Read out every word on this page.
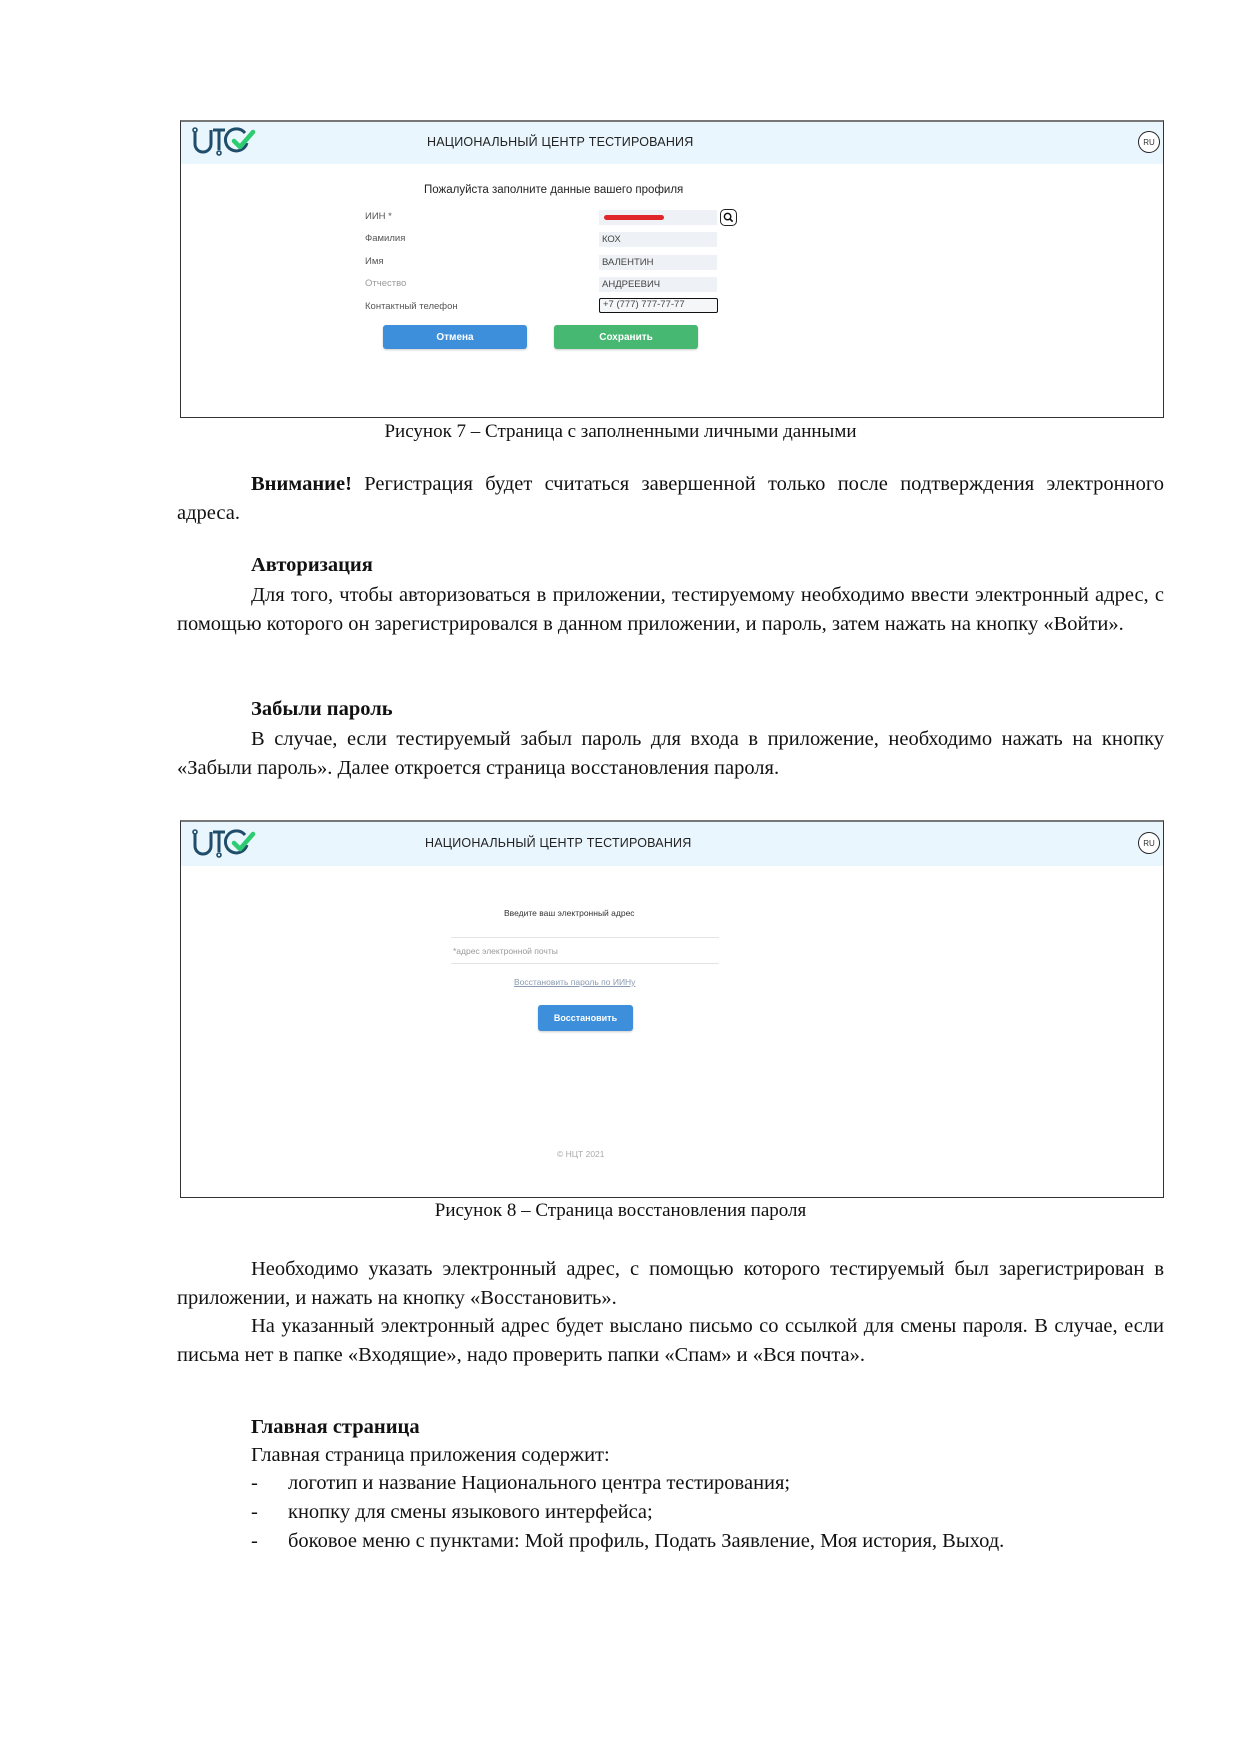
НАЦИОНАЛЬНЫЙ ЦЕНТР ТЕСТИРОВАНИЯ	RU
Пожалуйста заполните данные вашего профиля
ИИН *
Фамилия	КОХ
Имя	ВАЛЕНТИН
Отчество	АНДРЕЕВИЧ
Контактный телефон	+7 (777) 777-77-77
Отмена	Сохранить
Рисунок 7 – Страница с заполненными личными данными
Внимание! Регистрация будет считаться завершенной только после подтверждения электронного адреса.
Авторизация
Для того, чтобы авторизоваться в приложении, тестируемому необходимо ввести электронный адрес, с помощью которого он зарегистрировался в данном приложении, и пароль, затем нажать на кнопку «Войти».
Забыли пароль
В случае, если тестируемый забыл пароль для входа в приложение, необходимо нажать на кнопку «Забыли пароль». Далее откроется страница восстановления пароля.
НАЦИОНАЛЬНЫЙ ЦЕНТР ТЕСТИРОВАНИЯ	RU
Введите ваш электронный адрес
*адрес электронной почты
Восстановить пароль по ИИНу
Восстановить
© НЦТ 2021
Рисунок 8 – Страница восстановления пароля
Необходимо указать электронный адрес, с помощью которого тестируемый был зарегистрирован в приложении, и нажать на кнопку «Восстановить».
На указанный электронный адрес будет выслано письмо со ссылкой для смены пароля. В случае, если письма нет в папке «Входящие», надо проверить папки «Спам» и «Вся почта».
Главная страница
Главная страница приложения содержит:
- логотип и название Национального центра тестирования;
- кнопку для смены языкового интерфейса;
- боковое меню с пунктами: Мой профиль, Подать Заявление, Моя история, Выход.
